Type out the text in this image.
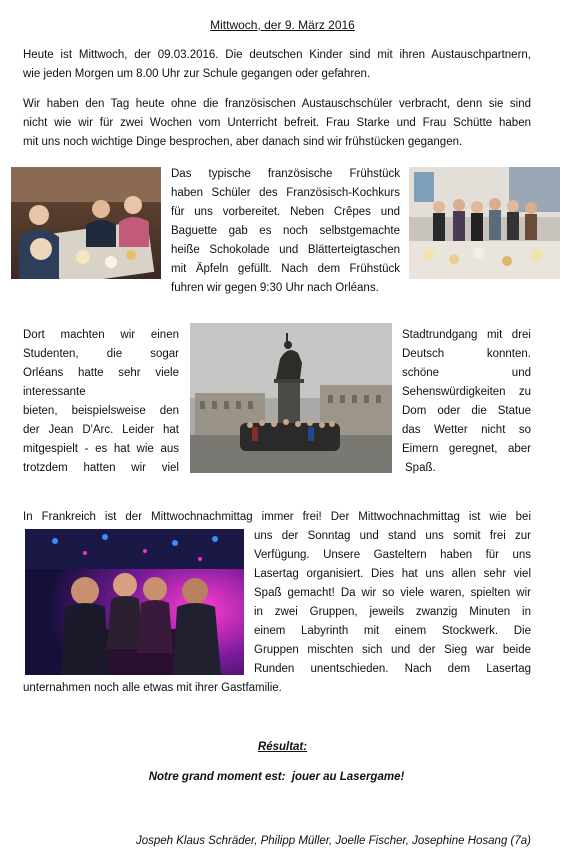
Mittwoch, der 9. März 2016
Heute ist Mittwoch, der 09.03.2016. Die deutschen Kinder sind mit ihren Austauschpartnern,
wie jeden Morgen um 8.00 Uhr zur Schule gegangen oder gefahren.
Wir haben den Tag heute ohne die französischen Austauschschüler verbracht, denn sie sind
nicht wie wir für zwei Wochen vom Unterricht befreit. Frau Starke und Frau Schütte haben
mit uns noch wichtige Dinge besprochen, aber danach sind wir frühstücken gegangen.
Das typische französische Frühstück
haben Schüler des Französisch-Kochkurs
für uns vorbereitet. Neben Crêpes und
Baguette gab es noch selbstgemachte
heiße Schokolade und Blätterteigtaschen
mit Äpfeln gefüllt. Nach dem Frühstück
fuhren wir gegen 9:30 Uhr nach Orléans.
Dort machten wir einen
Studenten, die sogar
Orléans hatte sehr viele
interessante
bieten, beispielsweise den
der Jean D'Arc. Leider hat
mitgespielt - es hat wie aus
trotzdem hatten wir viel
Stadtrundgang mit drei
Deutsch konnten.
schöne und
Sehenswürdigkeiten zu
Dom oder die Statue
das Wetter nicht so
Eimern geregnet, aber
Spaß.
In Frankreich ist der Mittwochnachmittag immer frei! Der Mittwochnachmittag ist wie bei
uns der Sonntag und stand uns somit frei zur
Verfügung. Unsere Gasteltern haben für uns
Lasertag organisiert. Dies hat uns allen sehr viel
Spaß gemacht! Da wir so viele waren, spielten wir
in zwei Gruppen, jeweils zwanzig Minuten in
einem Labyrinth mit einem Stockwerk. Die
Gruppen mischten sich und der Sieg war beide
Runden unentschieden. Nach dem Lasertag
unternahmen noch alle etwas mit ihrer Gastfamilie.
Résultat:
Notre grand moment est:  jouer au Lasergame!
Jospeh Klaus Schräder, Philipp Müller, Joelle Fischer, Josephine Hosang (7a)
